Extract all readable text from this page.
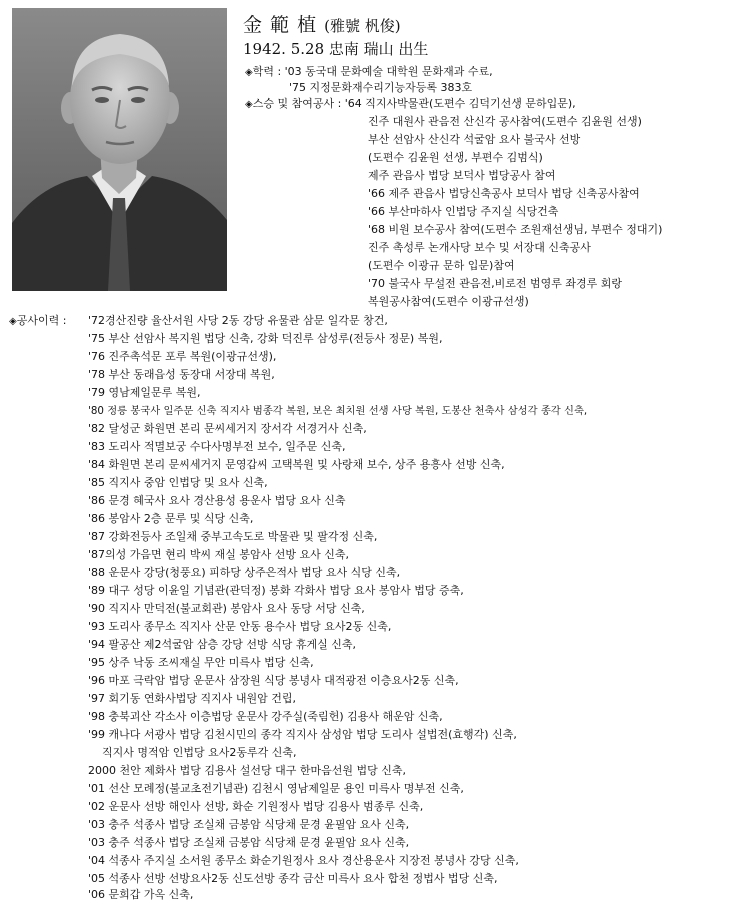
金 範 植 (雅號 杋俊)
1942. 5.28 忠南 瑞山 出生
◈학력 : '03 동국대 문화예술 대학원 문화재과 수료,
'75 지정문화재수리기능자등록 383호
◈스승 및 참여공사 : '64 직지사박물관(도편수 김덕기선생 문하입문),
진주 대원사 관음전 산신각 공사참여(도편수 김윤원 선생)
부산 선암사 산신각 석굴암 요사 불국사 선방
(도편수 김윤원 선생, 부편수 김범식)
제주 관음사 법당 보덕사 법당공사 참여
'66 제주 관음사 법당신축공사 보덕사 법당 신축공사참여
'66 부산마하사 인법당 주지실 식당건축
'68 비원 보수공사 참여(도편수 조원재선생님, 부편수 정대기)
진주 촉성루 논개사당 보수 및 서장대 신축공사
(도편수 이광규 문하 입문)참여
'70 불국사 무설전 관음전,비로전 범영루 좌경루 회랑
복원공사참여(도편수 이광규선생)
◈공사이력 : '72경산진량 율산서원 사당 2동 강당 유물관 삼문 일각문 창건,
'75 부산 선암사 복지원 법당 신축, 강화 덕진루 삼성루(전등사 정문) 복원,
'76 진주촉석문 포루 복원(이광규선생),
'78 부산 동래읍성 동장대 서장대 복원,
'79 영남제일문루 복원,
'80 정릉 봉국사 일주문 신축 직지사 범종각 복원, 보은 최치원 선생 사당 복원, 도봉산 천축사 삼성각 종각 신축,
'82 달성군 화원면 본리 문씨세거지 장서각 서경거사 신축,
'83 도리사 적멸보궁 수다사명부전 보수, 일주문 신축,
'84 화원면 본리 문씨세거지 문영갑씨 고택복원 및 사랑채 보수, 상주 용흥사 선방 신축,
'85 직지사 중암 인법당 및 요사 신축,
'86 문경 혜국사 요사 경산용성 용운사 법당 요사 신축
'86 봉암사 2층 문루 및 식당 신축,
'87 강화전등사 조일채 중부고속도로 박물관 및 팔각정 신축,
'87의성 가음면 현리 박씨 재실 봉암사 선방 요사 신축,
'88 운문사 강당(청풍요) 피하당 상주은적사 법당 요사 식당 신축,
'89 대구 성당 이윤일 기념관(관덕정) 봉화 각화사 법당 요사 봉암사 법당 증축,
'90 직지사 만덕전(불교회관) 봉암사 요사 동당 서당 신축,
'93 도리사 종무소 직지사 산문 안동 용수사 법당 요사2동 신축,
'94 팔공산 제2석굴암 삼층 강당 선방 식당 휴게실 신축,
'95 상주 낙동 조씨재실 무안 미륵사 법당 신축,
'96 마포 극락암 법당 운문사 삼장원 식당 봉녕사 대적광전 이층요사2동 신축,
'97 회기동 연화사법당 직지사 내원암 건립,
'98 충북괴산 각소사 이층법당 운문사 강주실(죽림헌) 김용사 해운암 신축,
'99 캐나다 서광사 법당 김천시민의 종각 직지사 삼성암 법당 도리사 설법전(효행각) 신축,
직지사 명적암 인법당 요사2동루각 신축,
2000 천안 제화사 법당 김용사 설선당 대구 한마음선원 법당 신축,
'01 선산 모례정(불교초전기념관) 김천시 영남제일문 용인 미륵사 명부전 신축,
'02 운문사 선방 해인사 선방, 화순 기원정사 법당 김용사 범종루 신축,
'03 충주 석종사 법당 조실채 금봉암 식당채 문경 윤필암 요사 신축,
'03 충주 석종사 법당 조실채 금봉암 식당채 문경 윤필암 요사 신축,
'04 석종사 주지실 소서원 종무소 화순기원정사 요사 경산용운사 지장전 봉녕사 강당 신축,
'05 석종사 선방 선방요사2동 신도선방 종각 금산 미륵사 요사 합천 정법사 법당 신축,
'06 문희갑 가옥 신축,
